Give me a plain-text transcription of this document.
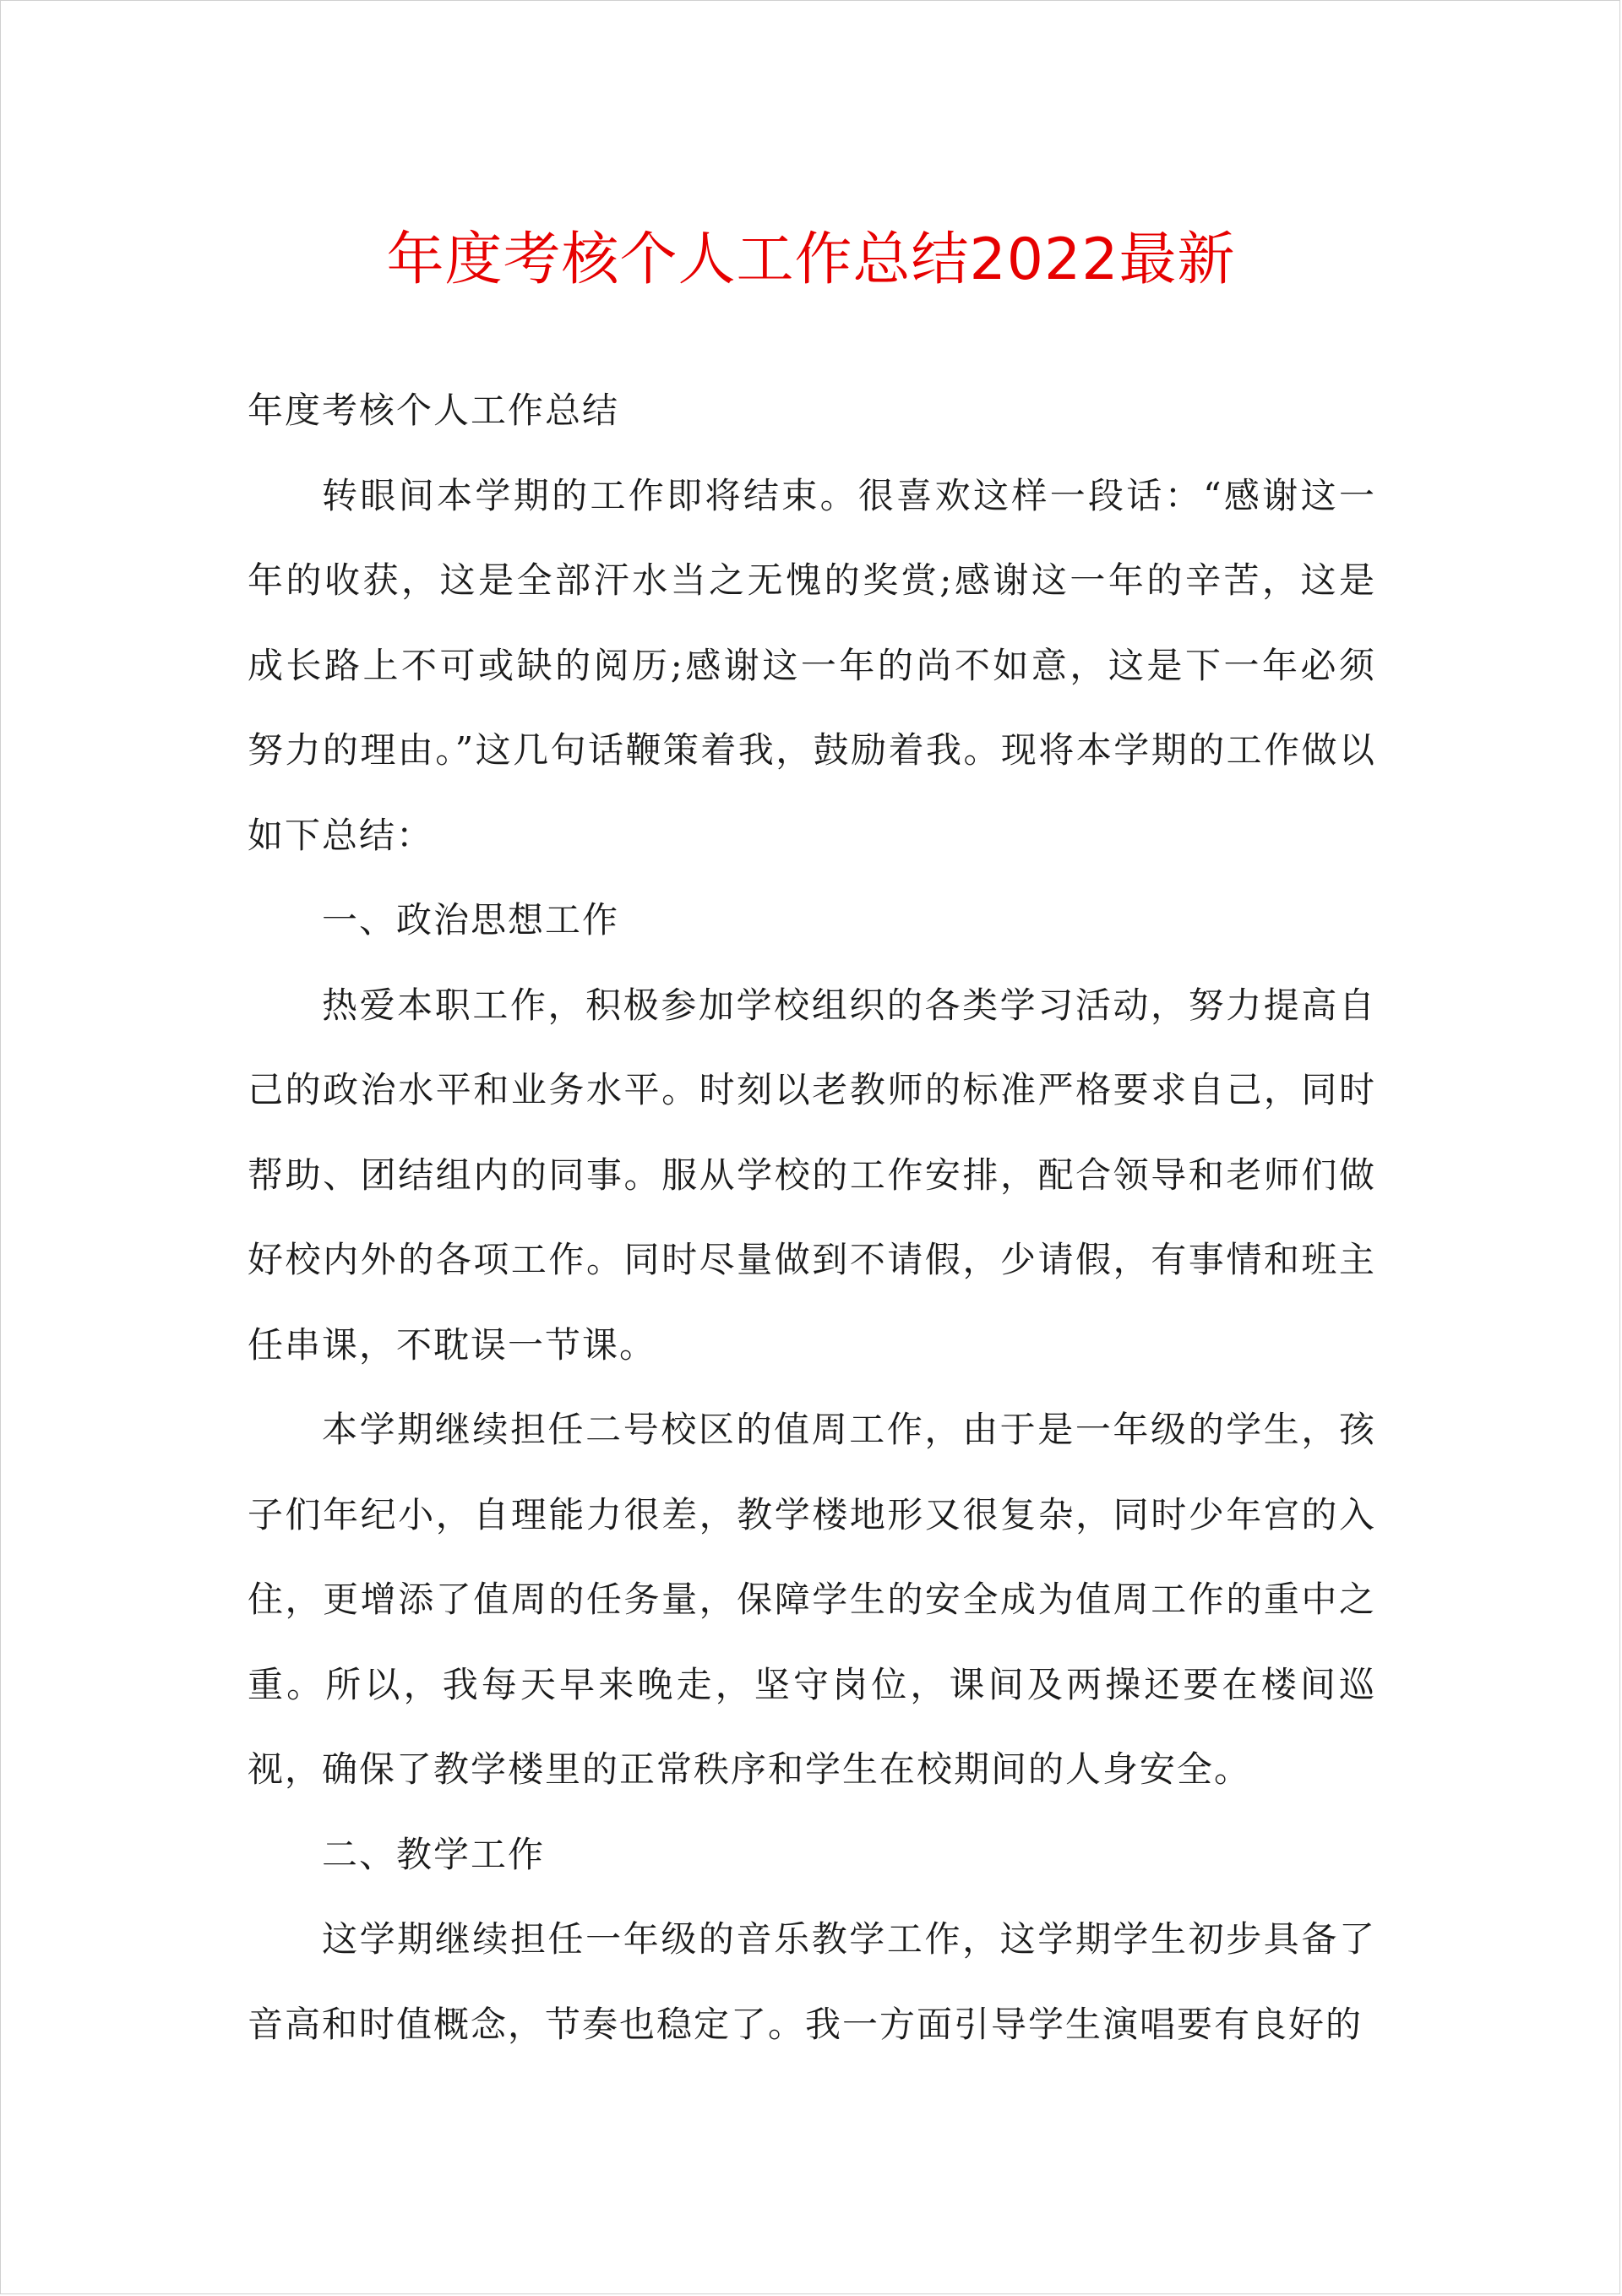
年度考核个人工作总结2022最新

年度考核个人工作总结

转眼间本学期的工作即将结束。很喜欢这样一段话：“感谢这一年的收获，这是全部汗水当之无愧的奖赏;感谢这一年的辛苦，这是成长路上不可或缺的阅历;感谢这一年的尚不如意，这是下一年必须努力的理由。”这几句话鞭策着我，鼓励着我。现将本学期的工作做以如下总结：

一、政治思想工作

热爱本职工作，积极参加学校组织的各类学习活动，努力提高自己的政治水平和业务水平。时刻以老教师的标准严格要求自己，同时帮助、团结组内的同事。服从学校的工作安排，配合领导和老师们做好校内外的各项工作。同时尽量做到不请假，少请假，有事情和班主任串课，不耽误一节课。

本学期继续担任二号校区的值周工作，由于是一年级的学生，孩子们年纪小，自理能力很差，教学楼地形又很复杂，同时少年宫的入住，更增添了值周的任务量，保障学生的安全成为值周工作的重中之重。所以，我每天早来晚走，坚守岗位，课间及两操还要在楼间巡视，确保了教学楼里的正常秩序和学生在校期间的人身安全。

二、教学工作

这学期继续担任一年级的音乐教学工作，这学期学生初步具备了音高和时值概念，节奏也稳定了。我一方面引导学生演唱要有良好的
